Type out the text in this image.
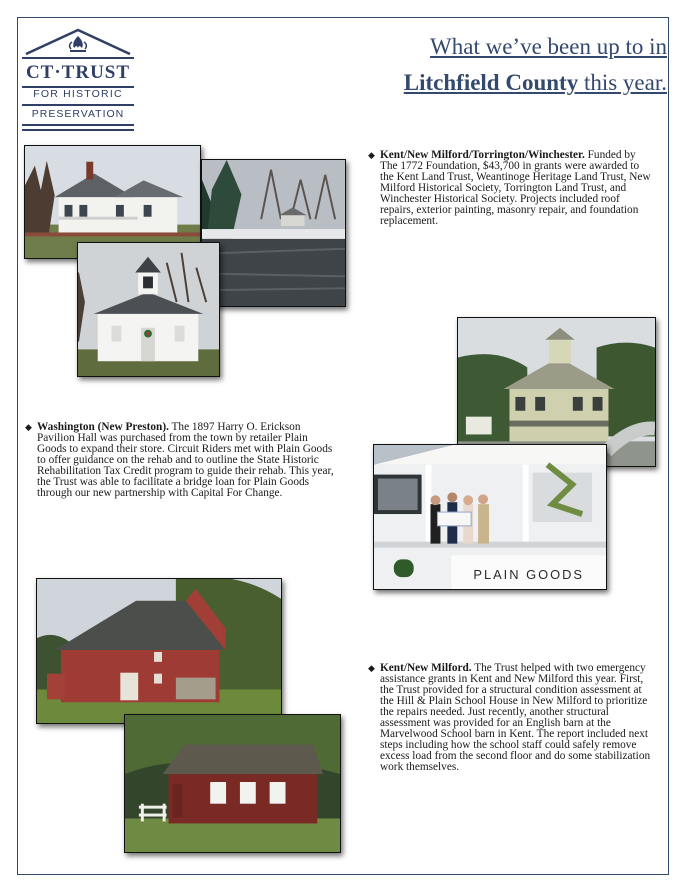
CT·TRUST
FOR HISTORIC
PRESERVATION
What we’ve been up to in
Litchfield County this year.
◆ Kent/New Milford/Torrington/Winchester. Funded by The 1772 Foundation, $43,700 in grants were awarded to the Kent Land Trust, Weantinoge Heritage Land Trust, New Milford Historical Society, Torrington Land Trust, and Winchester Historical Society. Projects included roof repairs, exterior painting, masonry repair, and foundation replacement.
◆ Washington (New Preston). The 1897 Harry O. Erickson Pavilion Hall was purchased from the town by retailer Plain Goods to expand their store. Circuit Riders met with Plain Goods to offer guidance on the rehab and to outline the State Historic Rehabilitation Tax Credit program to guide their rehab. This year, the Trust was able to facilitate a bridge loan for Plain Goods through our new partnership with Capital For Change.
◆ Kent/New Milford. The Trust helped with two emergency assistance grants in Kent and New Milford this year. First, the Trust provided for a structural condition assessment at the Hill & Plain School House in New Milford to prioritize the repairs needed. Just recently, another structural assessment was provided for an English barn at the Marvelwood School barn in Kent. The report included next steps including how the school staff could safely remove excess load from the second floor and do some stabilization work themselves.
PLAIN GOODS
